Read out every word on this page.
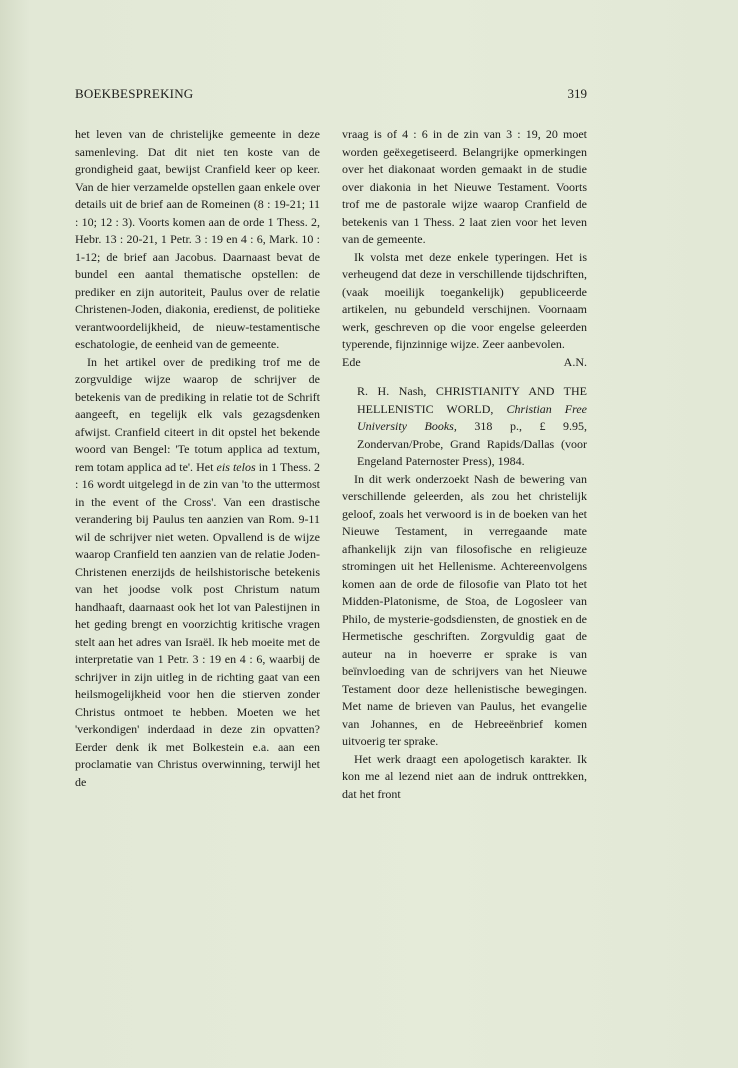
BOEKBESPREKING	319

het leven van de christelijke gemeente in deze samenleving. Dat dit niet ten koste van de grondigheid gaat, bewijst Cranfield keer op keer. Van de hier verzamelde opstellen gaan enkele over details uit de brief aan de Romeinen (8 : 19-21; 11 : 10; 12 : 3). Voorts komen aan de orde 1 Thess. 2, Hebr. 13 : 20-21, 1 Petr. 3 : 19 en 4 : 6, Mark. 10 : 1-12; de brief aan Jacobus. Daarnaast bevat de bundel een aantal thematische opstellen: de prediker en zijn autoriteit, Paulus over de relatie Christenen-Joden, diakonia, eredienst, de politieke verantwoordelijkheid, de nieuw-testamentische eschatologie, de eenheid van de gemeente.

In het artikel over de prediking trof me de zorgvuldige wijze waarop de schrijver de betekenis van de prediking in relatie tot de Schrift aangeeft, en tegelijk elk vals gezagsdenken afwijst. Cranfield citeert in dit opstel het bekende woord van Bengel: 'Te totum applica ad textum, rem totam applica ad te'. Het eis telos in 1 Thess. 2 : 16 wordt uitgelegd in de zin van 'to the uttermost in the event of the Cross'. Van een drastische verandering bij Paulus ten aanzien van Rom. 9-11 wil de schrijver niet weten. Opvallend is de wijze waarop Cranfield ten aanzien van de relatie Joden-Christenen enerzijds de heilshistorische betekenis van het joodse volk post Christum natum handhaaft, daarnaast ook het lot van Palestijnen in het geding brengt en voorzichtig kritische vragen stelt aan het adres van Israël. Ik heb moeite met de interpretatie van 1 Petr. 3 : 19 en 4 : 6, waarbij de schrijver in zijn uitleg in de richting gaat van een heilsmogelijkheid voor hen die stierven zonder Christus ontmoet te hebben. Moeten we het 'verkondigen' inderdaad in deze zin opvatten? Eerder denk ik met Bolkestein e.a. aan een proclamatie van Christus overwinning, terwijl het de

vraag is of 4 : 6 in de zin van 3 : 19, 20 moet worden geëxegetiseerd. Belangrijke opmerkingen over het diakonaat worden gemaakt in de studie over diakonia in het Nieuwe Testament. Voorts trof me de pastorale wijze waarop Cranfield de betekenis van 1 Thess. 2 laat zien voor het leven van de gemeente.

Ik volsta met deze enkele typeringen. Het is verheugend dat deze in verschillende tijdschriften, (vaak moeilijk toegankelijk) gepubliceerde artikelen, nu gebundeld verschijnen. Voornaam werk, geschreven op die voor engelse geleerden typerende, fijnzinnige wijze. Zeer aanbevolen.

Ede	A.N.

R. H. Nash, CHRISTIANITY AND THE HELLENISTIC WORLD, Christian Free University Books, 318 p., £ 9.95, Zondervan/Probe, Grand Rapids/Dallas (voor Engeland Paternoster Press), 1984.

In dit werk onderzoekt Nash de bewering van verschillende geleerden, als zou het christelijk geloof, zoals het verwoord is in de boeken van het Nieuwe Testament, in verregaande mate afhankelijk zijn van filosofische en religieuze stromingen uit het Hellenisme. Achtereenvolgens komen aan de orde de filosofie van Plato tot het Midden-Platonisme, de Stoa, de Logosleer van Philo, de mysterie-godsdiensten, de gnostiek en de Hermetische geschriften. Zorgvuldig gaat de auteur na in hoeverre er sprake is van beïnvloeding van de schrijvers van het Nieuwe Testament door deze hellenistische bewegingen. Met name de brieven van Paulus, het evangelie van Johannes, en de Hebreeënbrief komen uitvoerig ter sprake.

Het werk draagt een apologetisch karakter. Ik kon me al lezend niet aan de indruk onttrekken, dat het front
